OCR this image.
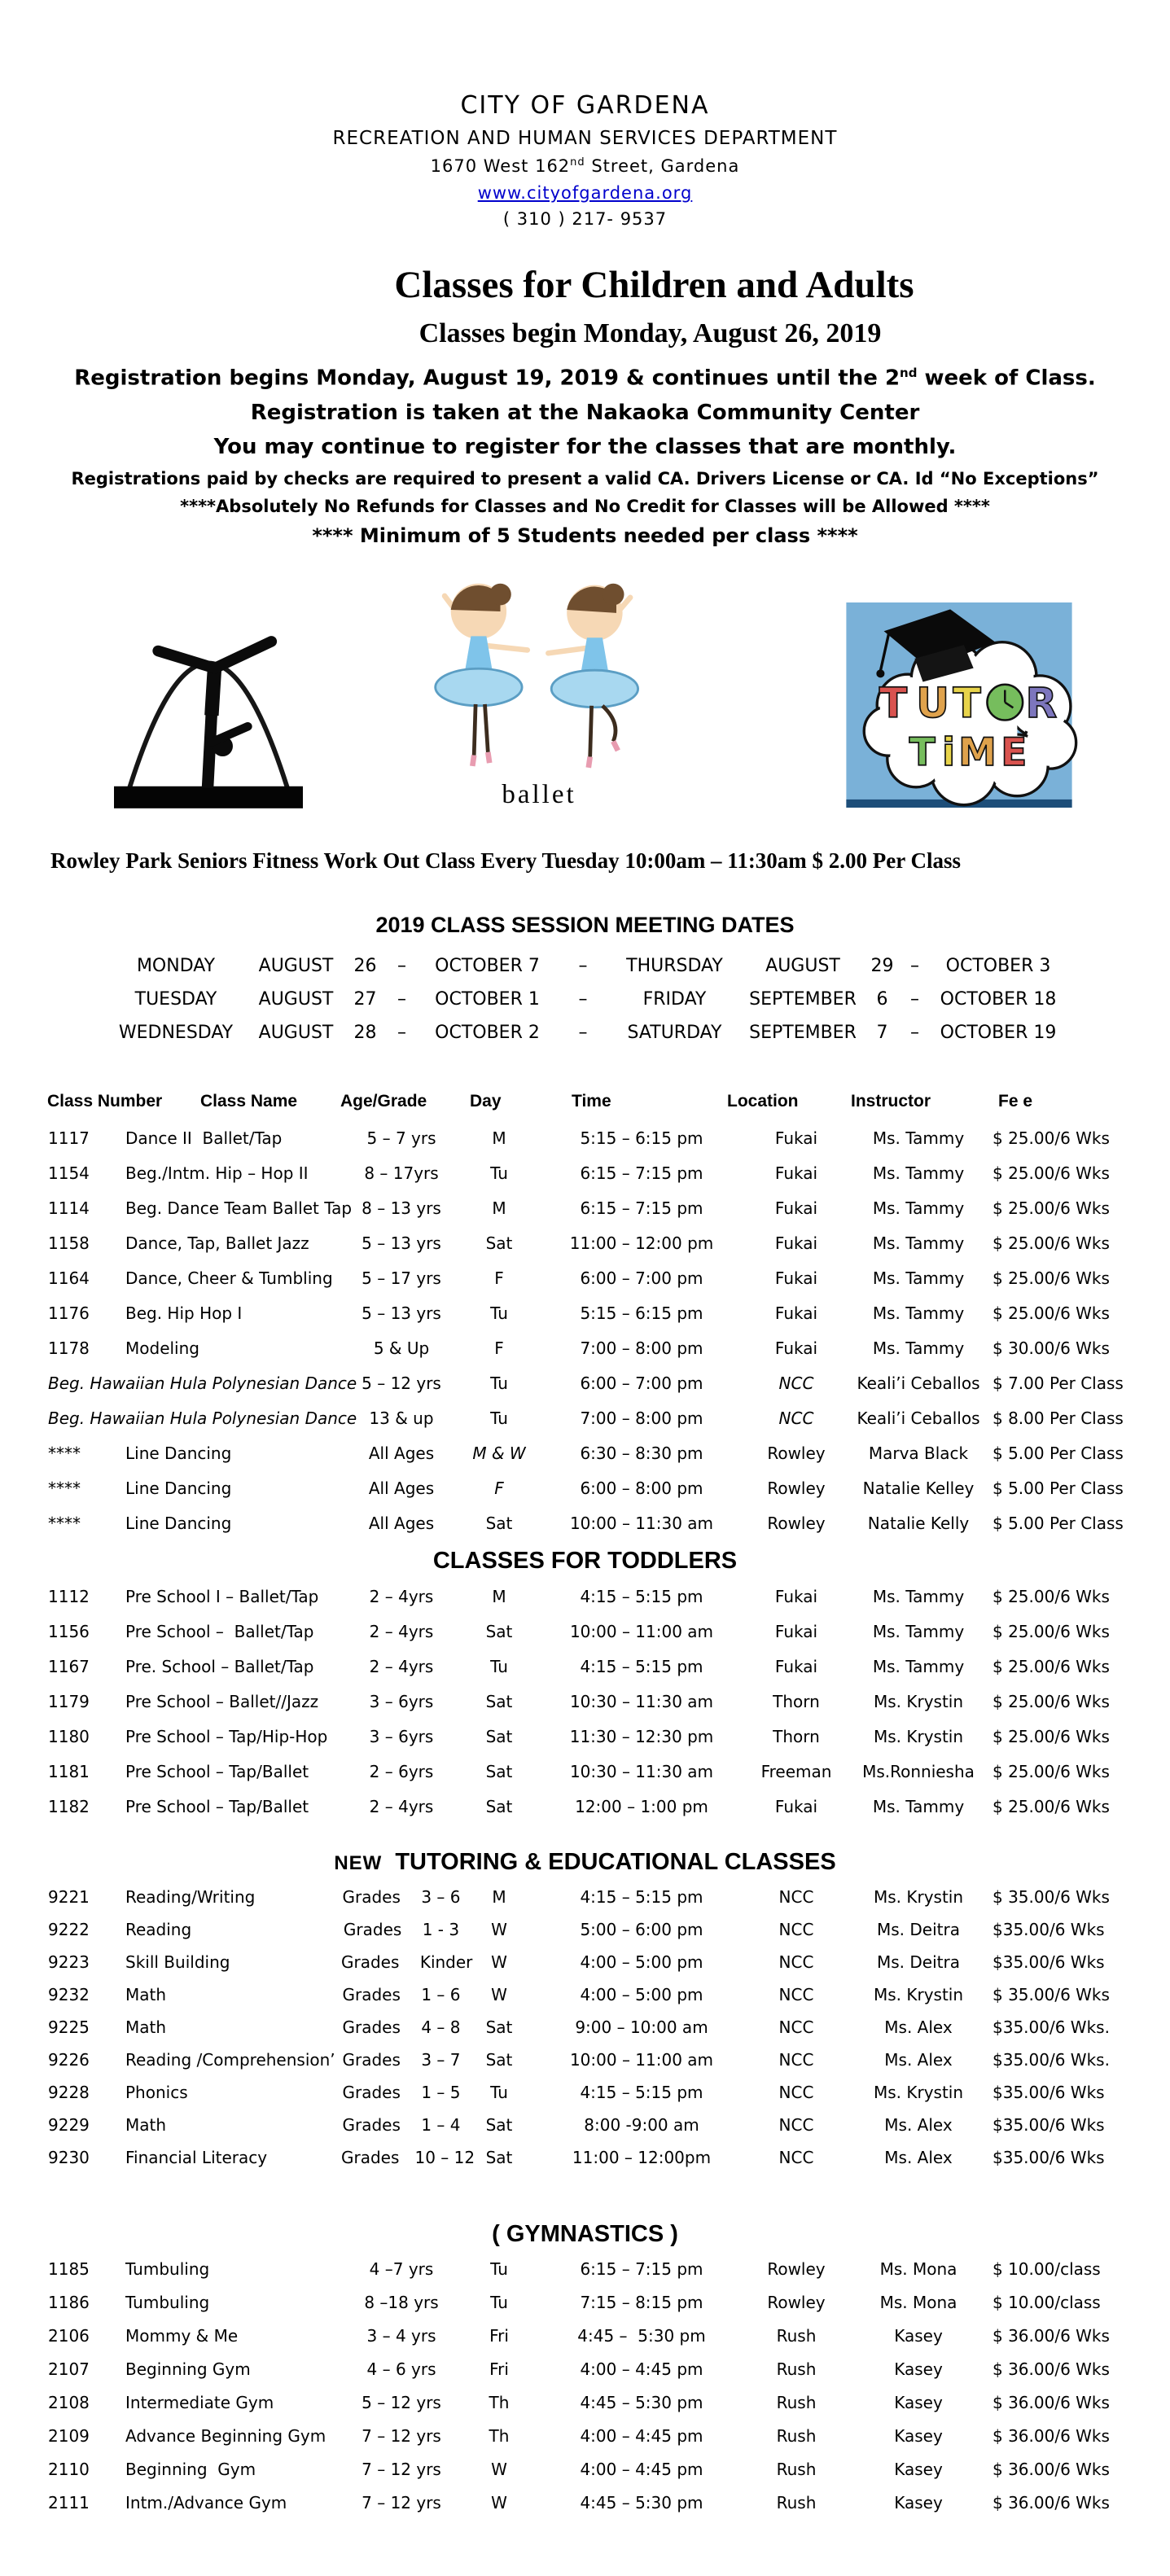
CITY OF GARDENA
RECREATION AND HUMAN SERVICES DEPARTMENT
1670 West 162nd Street, Gardena
www.cityofgardena.org
( 310 ) 217- 9537
Classes for Children and Adults
Classes begin Monday, August 26, 2019
Registration begins Monday, August 19, 2019 & continues until the 2nd week of Class.
Registration is taken at the Nakaoka Community Center
You may continue to register for the classes that are monthly.
Registrations paid by checks are required to present a valid CA. Drivers License or CA. Id “No Exceptions”
****Absolutely No Refunds for Classes and No Credit for Classes will be Allowed ****
**** Minimum of 5 Students needed per class ****
ballet
T U T R
T i M E
Rowley Park Seniors Fitness Work Out Class Every Tuesday 10:00am – 11:30am $ 2.00 Per Class
2019 CLASS SESSION MEETING DATES
MONDAY	AUGUST	26	–	OCTOBER 7	–	THURSDAY	AUGUST	29 –	OCTOBER 3
TUESDAY	AUGUST	27	–	OCTOBER 1	–	FRIDAY	SEPTEMBER	6	–	OCTOBER 18
WEDNESDAY	AUGUST	28	–	OCTOBER 2	–	SATURDAY	SEPTEMBER	7	–	OCTOBER 19
Class Number Class Name	Age/Grade	Day	Time	Location	Instructor	Fe e
1117	Dance II  Ballet/Tap	5 – 7 yrs	M	5:15 – 6:15 pm	Fukai	Ms. Tammy	$ 25.00/6 Wks
1154	Beg./Intm. Hip – Hop II	8 – 17yrs	Tu	6:15 – 7:15 pm	Fukai	Ms. Tammy	$ 25.00/6 Wks
1114	Beg. Dance Team Ballet Tap	8 – 13 yrs	M	6:15 – 7:15 pm	Fukai	Ms. Tammy	$ 25.00/6 Wks
1158	Dance, Tap, Ballet Jazz	5 – 13 yrs	Sat	11:00 – 12:00 pm	Fukai	Ms. Tammy	$ 25.00/6 Wks
1164	Dance, Cheer & Tumbling	5 – 17 yrs	F	6:00 – 7:00 pm	Fukai	Ms. Tammy	$ 25.00/6 Wks
1176	Beg. Hip Hop I	5 – 13 yrs	Tu	5:15 – 6:15 pm	Fukai	Ms. Tammy	$ 25.00/6 Wks
1178	Modeling	5 & Up	F	7:00 – 8:00 pm	Fukai	Ms. Tammy	$ 30.00/6 Wks
Beg. Hawaiian Hula Polynesian Dance		5 – 12 yrs	Tu	6:00 – 7:00 pm	NCC	Keali’i Ceballos	$ 7.00 Per Class
Beg. Hawaiian Hula Polynesian Dance		13 & up	Tu	7:00 – 8:00 pm	NCC	Keali’i Ceballos	$ 8.00 Per Class
****	Line Dancing	All Ages	M & W	6:30 – 8:30 pm	Rowley	Marva Black	$ 5.00 Per Class
****	Line Dancing	All Ages	F	6:00 – 8:00 pm	Rowley	Natalie Kelley	$ 5.00 Per Class
****	Line Dancing	All Ages	Sat	10:00 – 11:30 am	Rowley	Natalie Kelly	$ 5.00 Per Class
CLASSES FOR TODDLERS
1112	Pre School I – Ballet/Tap	2 – 4yrs	M	4:15 – 5:15 pm	Fukai	Ms. Tammy	$ 25.00/6 Wks
1156	Pre School –  Ballet/Tap	2 – 4yrs	Sat	10:00 – 11:00 am	Fukai	Ms. Tammy	$ 25.00/6 Wks
1167	Pre. School – Ballet/Tap	2 – 4yrs	Tu	4:15 – 5:15 pm	Fukai	Ms. Tammy	$ 25.00/6 Wks
1179	Pre School – Ballet//Jazz	3 – 6yrs	Sat	10:30 – 11:30 am	Thorn	Ms. Krystin	$ 25.00/6 Wks
1180	Pre School – Tap/Hip-Hop	3 – 6yrs	Sat	11:30 – 12:30 pm	Thorn	Ms. Krystin	$ 25.00/6 Wks
1181	Pre School – Tap/Ballet	2 – 6yrs	Sat	10:30 – 11:30 am	Freeman	Ms.Ronniesha	$ 25.00/6 Wks
1182	Pre School – Tap/Ballet	2 – 4yrs	Sat	12:00 – 1:00 pm	Fukai	Ms. Tammy	$ 25.00/6 Wks
NEW TUTORING & EDUCATIONAL CLASSES
9221	Reading/Writing	Grades    3 – 6	M	4:15 – 5:15 pm	NCC	Ms. Krystin	$ 35.00/6 Wks
9222	Reading	Grades    1 - 3	W	5:00 – 6:00 pm	NCC	Ms. Deitra	$35.00/6 Wks
9223	Skill Building	Grades    Kinder	W	4:00 – 5:00 pm	NCC	Ms. Deitra	$35.00/6 Wks
9232	Math	Grades    1 – 6	W	4:00 – 5:00 pm	NCC	Ms. Krystin	$ 35.00/6 Wks
9225	Math	Grades    4 – 8	Sat	9:00 – 10:00 am	NCC	Ms. Alex	$35.00/6 Wks.
9226	Reading /Comprehension’	Grades    3 – 7	Sat	10:00 – 11:00 am	NCC	Ms. Alex	$35.00/6 Wks.
9228	Phonics	Grades    1 – 5	Tu	4:15 – 5:15 pm	NCC	Ms. Krystin	$35.00/6 Wks
9229	Math	Grades    1 – 4	Sat	8:00 -9:00 am	NCC	Ms. Alex	$35.00/6 Wks
9230	Financial Literacy	Grades   10 – 12	Sat	11:00 – 12:00pm	NCC	Ms. Alex	$35.00/6 Wks
( GYMNASTICS )
1185	Tumbuling	4 –7 yrs	Tu	6:15 – 7:15 pm	Rowley	Ms. Mona	$ 10.00/class
1186	Tumbuling	8 –18 yrs	Tu	7:15 – 8:15 pm	Rowley	Ms. Mona	$ 10.00/class
2106	Mommy & Me	3 – 4 yrs	Fri	4:45 –  5:30 pm	Rush	Kasey	$ 36.00/6 Wks
2107	Beginning Gym	4 – 6 yrs	Fri	4:00 – 4:45 pm	Rush	Kasey	$ 36.00/6 Wks
2108	Intermediate Gym	5 – 12 yrs	Th	4:45 – 5:30 pm	Rush	Kasey	$ 36.00/6 Wks
2109	Advance Beginning Gym	7 – 12 yrs	Th	4:00 – 4:45 pm	Rush	Kasey	$ 36.00/6 Wks
2110	Beginning  Gym	7 – 12 yrs	W	4:00 – 4:45 pm	Rush	Kasey	$ 36.00/6 Wks
2111	Intm./Advance Gym	7 – 12 yrs	W	4:45 – 5:30 pm	Rush	Kasey	$ 36.00/6 Wks
